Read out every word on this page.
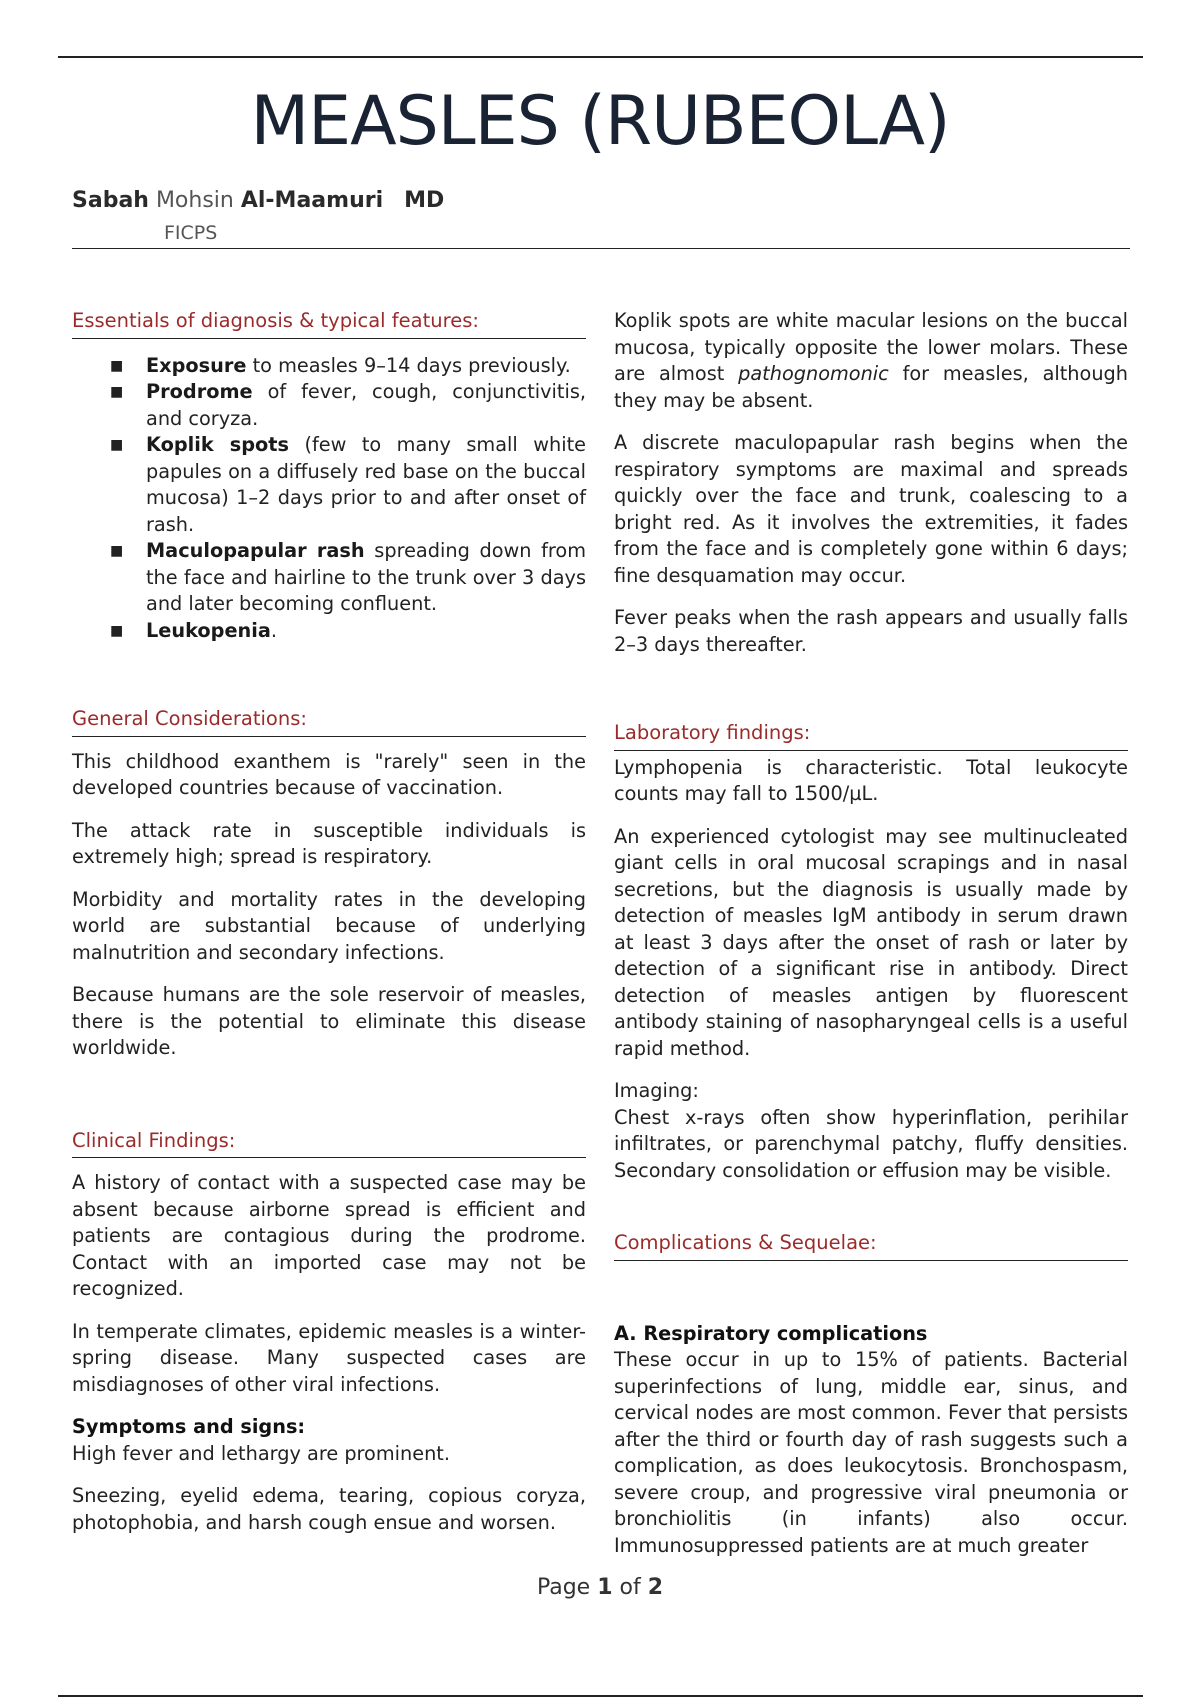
MEASLES (RUBEOLA)
Sabah Mohsin Al-Maamuri MD
FICPS
Essentials of diagnosis & typical features:
■ Exposure to measles 9–14 days previously.
■ Prodrome of fever, cough, conjunctivitis, and coryza.
■ Koplik spots (few to many small white papules on a diffusely red base on the buccal mucosa) 1–2 days prior to and after onset of rash.
■ Maculopapular rash spreading down from the face and hairline to the trunk over 3 days and later becoming confluent.
■ Leukopenia.
General Considerations:

This childhood exanthem is "rarely" seen in the developed countries because of vaccination.

The attack rate in susceptible individuals is extremely high; spread is respiratory.

Morbidity and mortality rates in the developing world are substantial because of underlying malnutrition and secondary infections.

Because humans are the sole reservoir of measles, there is the potential to eliminate this disease worldwide.

Clinical Findings:

A history of contact with a suspected case may be absent because airborne spread is efficient and patients are contagious during the prodrome. Contact with an imported case may not be recognized.

In temperate climates, epidemic measles is a winter-spring disease. Many suspected cases are misdiagnoses of other viral infections.

Symptoms and signs:

High fever and lethargy are prominent.

Sneezing, eyelid edema, tearing, copious coryza, photophobia, and harsh cough ensue and worsen.

Koplik spots are white macular lesions on the buccal mucosa, typically opposite the lower molars. These are almost pathognomonic for measles, although they may be absent.

A discrete maculopapular rash begins when the respiratory symptoms are maximal and spreads quickly over the face and trunk, coalescing to a bright red. As it involves the extremities, it fades from the face and is completely gone within 6 days; fine desquamation may occur.

Fever peaks when the rash appears and usually falls 2–3 days thereafter.

Laboratory findings:

Lymphopenia is characteristic. Total leukocyte counts may fall to 1500/µL.

An experienced cytologist may see multinucleated giant cells in oral mucosal scrapings and in nasal secretions, but the diagnosis is usually made by detection of measles IgM antibody in serum drawn at least 3 days after the onset of rash or later by detection of a significant rise in antibody. Direct detection of measles antigen by fluorescent antibody staining of nasopharyngeal cells is a useful rapid method.

Imaging:
Chest x-rays often show hyperinflation, perihilar infiltrates, or parenchymal patchy, fluffy densities. Secondary consolidation or effusion may be visible.
Complications & Sequelae:
A. Respiratory complications

These occur in up to 15% of patients. Bacterial superinfections of lung, middle ear, sinus, and cervical nodes are most common. Fever that persists after the third or fourth day of rash suggests such a complication, as does leukocytosis. Bronchospasm, severe croup, and progressive viral pneumonia or bronchiolitis (in infants) also occur. Immunosuppressed patients are at much greater

Page 1 of 2
